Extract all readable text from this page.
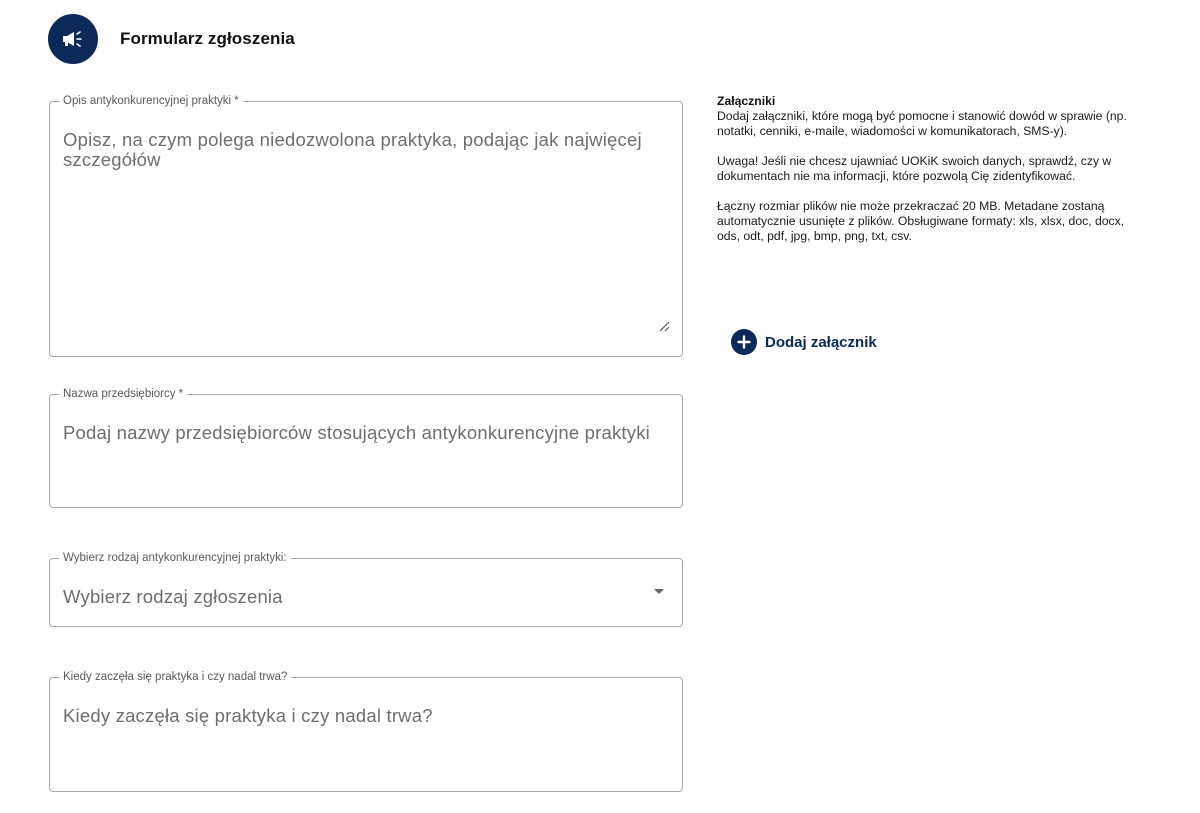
Formularz zgłoszenia
Opis antykonkurencyjnej praktyki *
Opisz, na czym polega niedozwolona praktyka, podając jak najwięcej szczegółów
Nazwa przedsiębiorcy *
Podaj nazwy przedsiębiorców stosujących antykonkurencyjne praktyki
Wybierz rodzaj antykonkurencyjnej praktyki:
Wybierz rodzaj zgłoszenia
Kiedy zaczęła się praktyka i czy nadal trwa?
Kiedy zaczęła się praktyka i czy nadal trwa?
Załączniki
Dodaj załączniki, które mogą być pomocne i stanowić dowód w sprawie (np. notatki, cenniki, e-maile, wiadomości w komunikatorach, SMS-y).
Uwaga! Jeśli nie chcesz ujawniać UOKiK swoich danych, sprawdź, czy w dokumentach nie ma informacji, które pozwolą Cię zidentyfikować.
Łączny rozmiar plików nie może przekraczać 20 MB. Metadane zostaną automatycznie usunięte z plików. Obsługiwane formaty: xls, xlsx, doc, docx, ods, odt, pdf, jpg, bmp, png, txt, csv.
Dodaj załącznik
